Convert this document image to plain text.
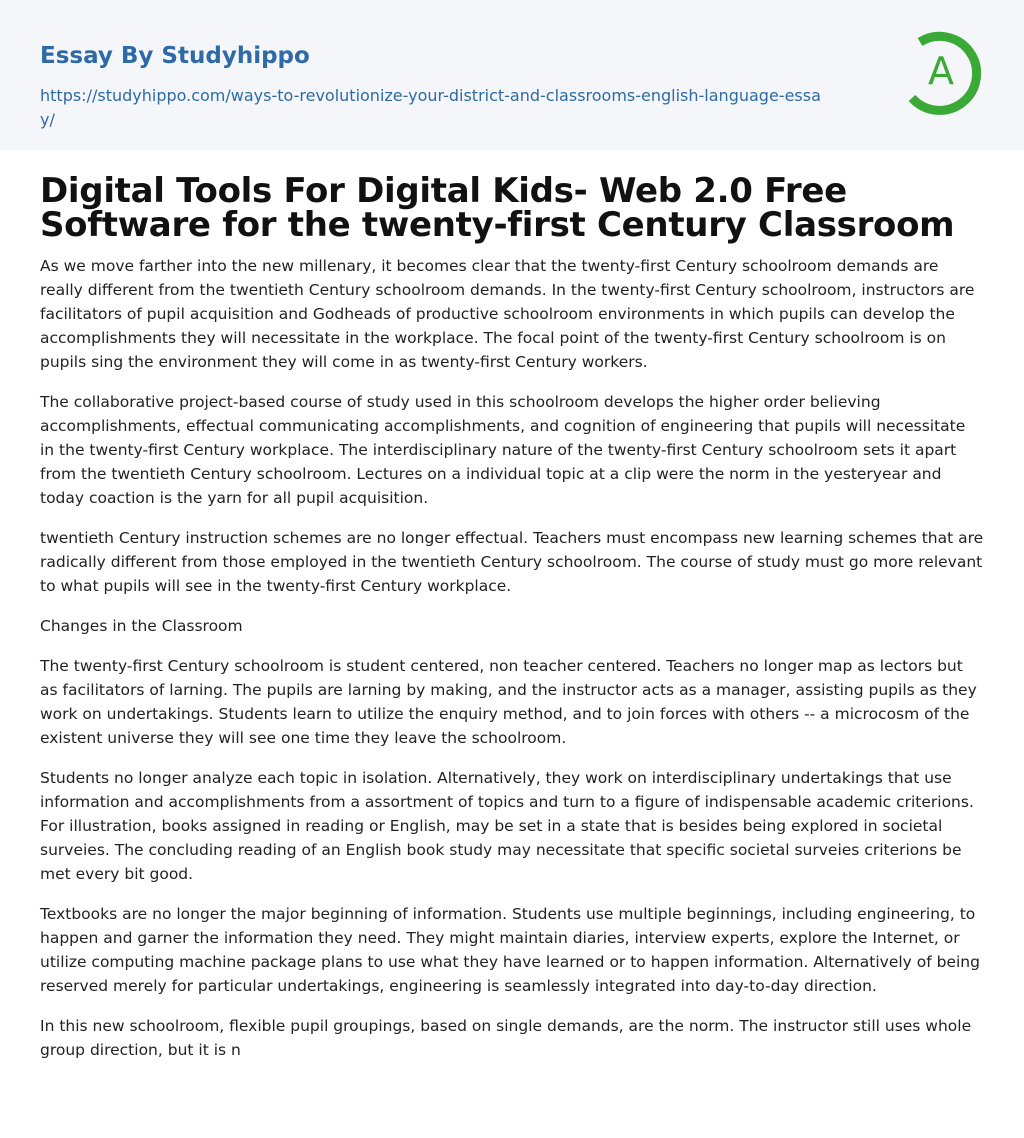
Essay By Studyhippo
https://studyhippo.com/ways-to-revolutionize-your-district-and-classrooms-english-language-essay/
A
Digital Tools For Digital Kids- Web 2.0 Free Software for the twenty-first Century Classroom

As we move farther into the new millenary, it becomes clear that the twenty-first Century schoolroom demands are really different from the twentieth Century schoolroom demands. In the twenty-first Century schoolroom, instructors are facilitators of pupil acquisition and Godheads of productive schoolroom environments in which pupils can develop the accomplishments they will necessitate in the workplace. The focal point of the twenty-first Century schoolroom is on pupils sing the environment they will come in as twenty-first Century workers.

The collaborative project-based course of study used in this schoolroom develops the higher order believing accomplishments, effectual communicating accomplishments, and cognition of engineering that pupils will necessitate in the twenty-first Century workplace. The interdisciplinary nature of the twenty-first Century schoolroom sets it apart from the twentieth Century schoolroom. Lectures on a individual topic at a clip were the norm in the yesteryear and today coaction is the yarn for all pupil acquisition.

twentieth Century instruction schemes are no longer effectual. Teachers must encompass new learning schemes that are radically different from those employed in the twentieth Century schoolroom. The course of study must go more relevant to what pupils will see in the twenty-first Century workplace.

Changes in the Classroom

The twenty-first Century schoolroom is student centered, non teacher centered. Teachers no longer map as lectors but as facilitators of larning. The pupils are larning by making, and the instructor acts as a manager, assisting pupils as they work on undertakings. Students learn to utilize the enquiry method, and to join forces with others -- a microcosm of the existent universe they will see one time they leave the schoolroom.

Students no longer analyze each topic in isolation. Alternatively, they work on interdisciplinary undertakings that use information and accomplishments from a assortment of topics and turn to a figure of indispensable academic criterions. For illustration, books assigned in reading or English, may be set in a state that is besides being explored in societal surveies. The concluding reading of an English book study may necessitate that specific societal surveies criterions be met every bit good.

Textbooks are no longer the major beginning of information. Students use multiple beginnings, including engineering, to happen and garner the information they need. They might maintain diaries, interview experts, explore the Internet, or utilize computing machine package plans to use what they have learned or to happen information. Alternatively of being reserved merely for particular undertakings, engineering is seamlessly integrated into day-to-day direction.

In this new schoolroom, flexible pupil groupings, based on single demands, are the norm. The instructor still uses whole group direction, but it is n
